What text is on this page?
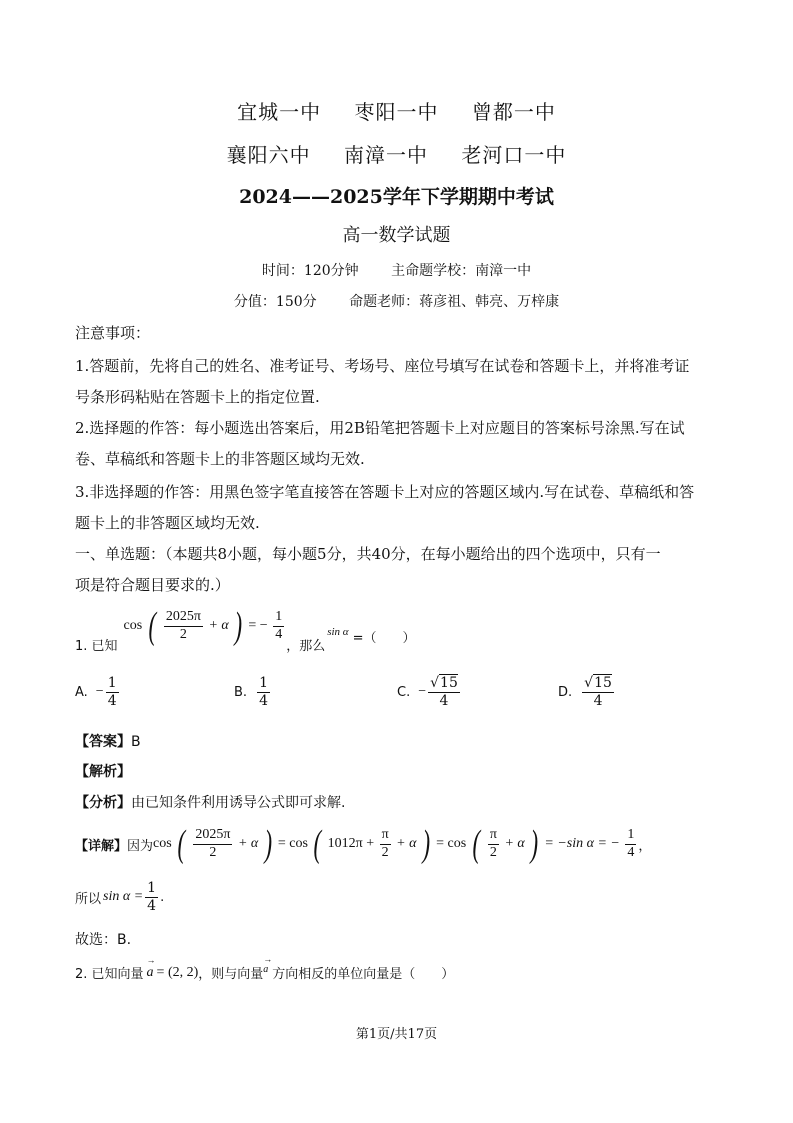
宜城一中 枣阳一中 曾都一中
襄阳六中 南漳一中 老河口一中
2024——2025学年下学期期中考试
高一数学试题
时间：120分钟 主命题学校：南漳一中
分值：150分 命题老师：蒋彦祖、韩亮、万梓康
注意事项：
1.答题前，先将自己的姓名、准考证号、考场号、座位号填写在试卷和答题卡上，并将准考证
号条形码粘贴在答题卡上的指定位置.
2.选择题的作答：每小题选出答案后，用2B铅笔把答题卡上对应题目的答案标号涂黑.写在试
卷、草稿纸和答题卡上的非答题区域均无效.
3.非选择题的作答：用黑色签字笔直接答在答题卡上对应的答题区域内.写在试卷、草稿纸和答
题卡上的非答题区域均无效.
一、单选题：（本题共8小题，每小题5分，共40分，在每小题给出的四个选项中，只有一
项是符合题目要求的.）
1. 已知
cos ( $\frac{2025\pi}{2} + \alpha$ ) = − $\frac{1}{4}$
，那么
sin α =（　　）
A. − $\frac{1}{4}$	B. $\frac{1}{4}$	C. − $\frac{√15}{4}$	D. $\frac{√15}{4}$
【答案】B
【解析】
【分析】由已知条件利用诱导公式即可求解.
【详解】 因为 cos ( $\frac{2025\pi}{2} + \alpha$ ) = cos ( $1012\pi + \frac{\pi}{2} + \alpha$ ) = cos ( $\frac{\pi}{2} + \alpha$ ) = −sin α = − $\frac{1}{4}$ ，
所以 $\sin \alpha = \frac{1}{4}$ .
故选：B.
2. 已知向量 → a = (2, 2) ，则与向量 → a 方向相反的单位向量是（　　）
第1页/共17页
